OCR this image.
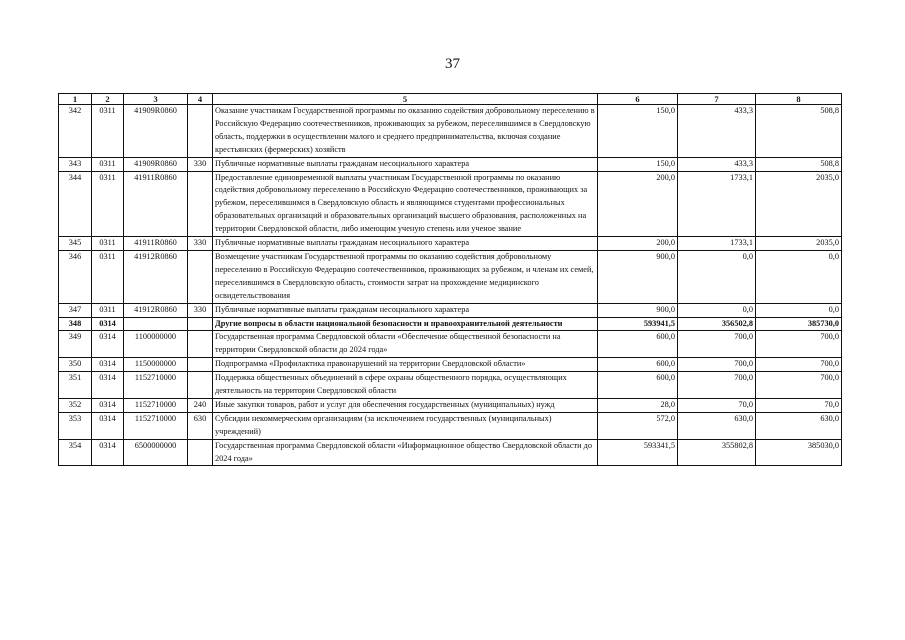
37
1	2	3	4	5	6	7	8
342	0311	41909R0860		Оказание участникам Государственной программы по оказанию содействия добровольному переселению в Российскую Федерацию соотечественников, проживающих за рубежом, переселившимся в Свердловскую область, поддержки в осуществлении малого и среднего предпринимательства, включая создание крестьянских (фермерских) хозяйств	150,0	433,3	508,8
343	0311	41909R0860	330	Публичные нормативные выплаты гражданам несоциального характера	150,0	433,3	508,8
344	0311	41911R0860		Предоставление единовременной выплаты участникам Государственной программы по оказанию содействия добровольному переселению в Российскую Федерацию соотечественников, проживающих за рубежом, переселившимся в Свердловскую область и являющимся студентами профессиональных образовательных организаций и образовательных организаций высшего образования, расположенных на территории Свердловской области, либо имеющим ученую степень или ученое звание	200,0	1733,1	2035,0
345	0311	41911R0860	330	Публичные нормативные выплаты гражданам несоциального характера	200,0	1733,1	2035,0
346	0311	41912R0860		Возмещение участникам Государственной программы по оказанию содействия добровольному переселению в Российскую Федерацию соотечественников, проживающих за рубежом, и членам их семей, переселившимся в Свердловскую область, стоимости затрат на прохождение медицинского освидетельствования	900,0	0,0	0,0
347	0311	41912R0860	330	Публичные нормативные выплаты гражданам несоциального характера	900,0	0,0	0,0
348	0314			Другие вопросы в области национальной безопасности и правоохранительной деятельности	593941,5	356502,8	385730,0
349	0314	1100000000		Государственная программа Свердловской области «Обеспечение общественной безопасности на территории Свердловской области до 2024 года»	600,0	700,0	700,0
350	0314	1150000000		Подпрограмма «Профилактика правонарушений на территории Свердловской области»	600,0	700,0	700,0
351	0314	1152710000		Поддержка общественных объединений в сфере охраны общественного порядка, осуществляющих деятельность на территории Свердловской области	600,0	700,0	700,0
352	0314	1152710000	240	Иные закупки товаров, работ и услуг для обеспечения государственных (муниципальных) нужд	28,0	70,0	70,0
353	0314	1152710000	630	Субсидии некоммерческим организациям (за исключением государственных (муниципальных) учреждений)	572,0	630,0	630,0
354	0314	6500000000		Государственная программа Свердловской области «Информационное общество Свердловской области до 2024 года»	593341,5	355802,8	385030,0
